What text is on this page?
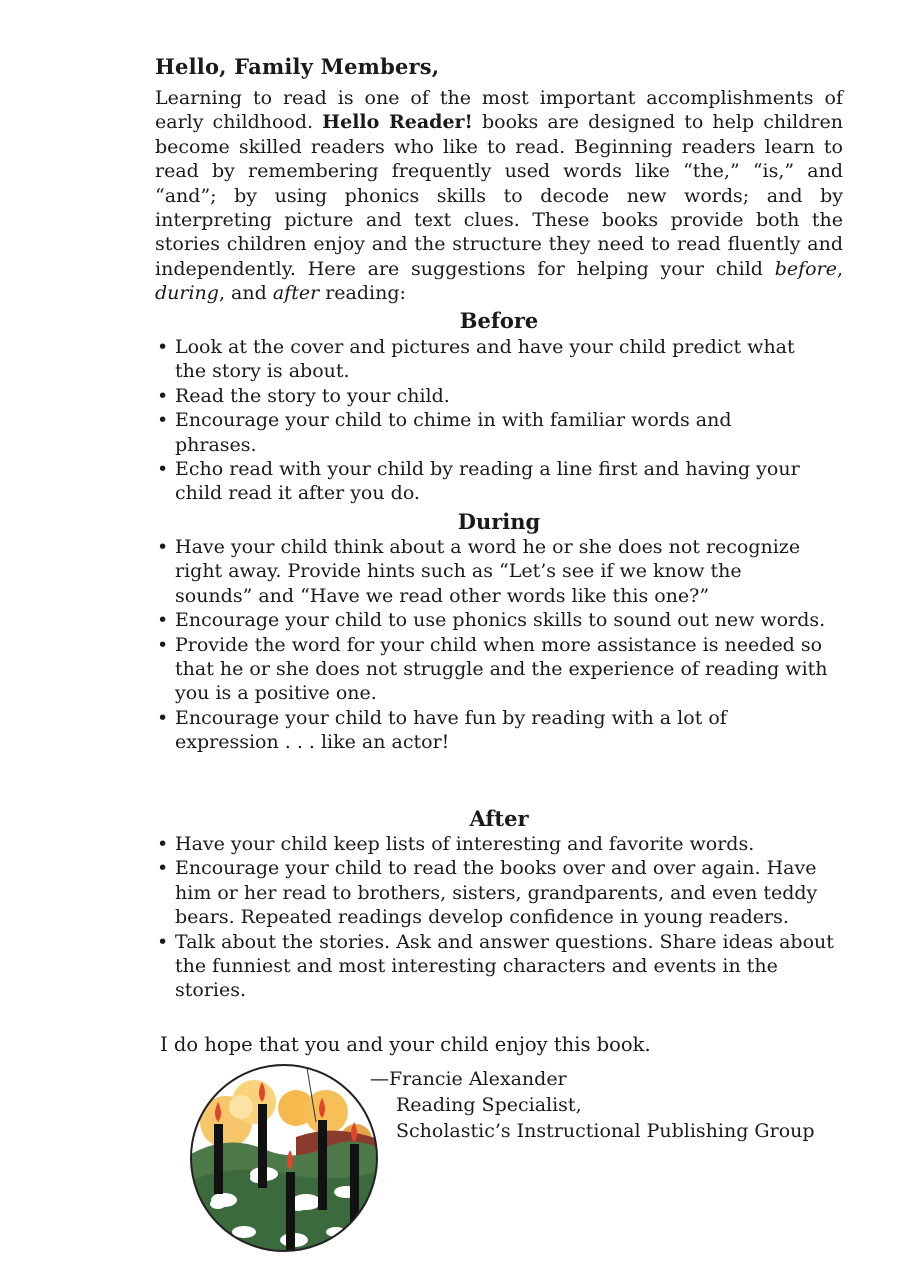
Hello, Family Members,

Learning to read is one of the most important accomplishments of early childhood. Hello Reader! books are designed to help children become skilled readers who like to read. Beginning readers learn to read by remembering frequently used words like “the,” “is,” and “and”; by using phonics skills to decode new words; and by interpreting picture and text clues. These books provide both the stories children enjoy and the structure they need to read fluently and independently. Here are suggestions for helping your child before, during, and after reading:

Before
• Look at the cover and pictures and have your child predict what the story is about.
• Read the story to your child.
• Encourage your child to chime in with familiar words and phrases.
• Echo read with your child by reading a line first and having your child read it after you do.
During
• Have your child think about a word he or she does not recognize right away. Provide hints such as “Let’s see if we know the sounds” and “Have we read other words like this one?”
• Encourage your child to use phonics skills to sound out new words.
• Provide the word for your child when more assistance is needed so that he or she does not struggle and the experience of reading with you is a positive one.
• Encourage your child to have fun by reading with a lot of expression . . . like an actor!
After
• Have your child keep lists of interesting and favorite words.
• Encourage your child to read the books over and over again. Have him or her read to brothers, sisters, grandparents, and even teddy bears. Repeated readings develop confidence in young readers.
• Talk about the stories. Ask and answer questions. Share ideas about the funniest and most interesting characters and events in the stories.
I do hope that you and your child enjoy this book.
—Francie Alexander
Reading Specialist,
Scholastic’s Instructional Publishing Group
